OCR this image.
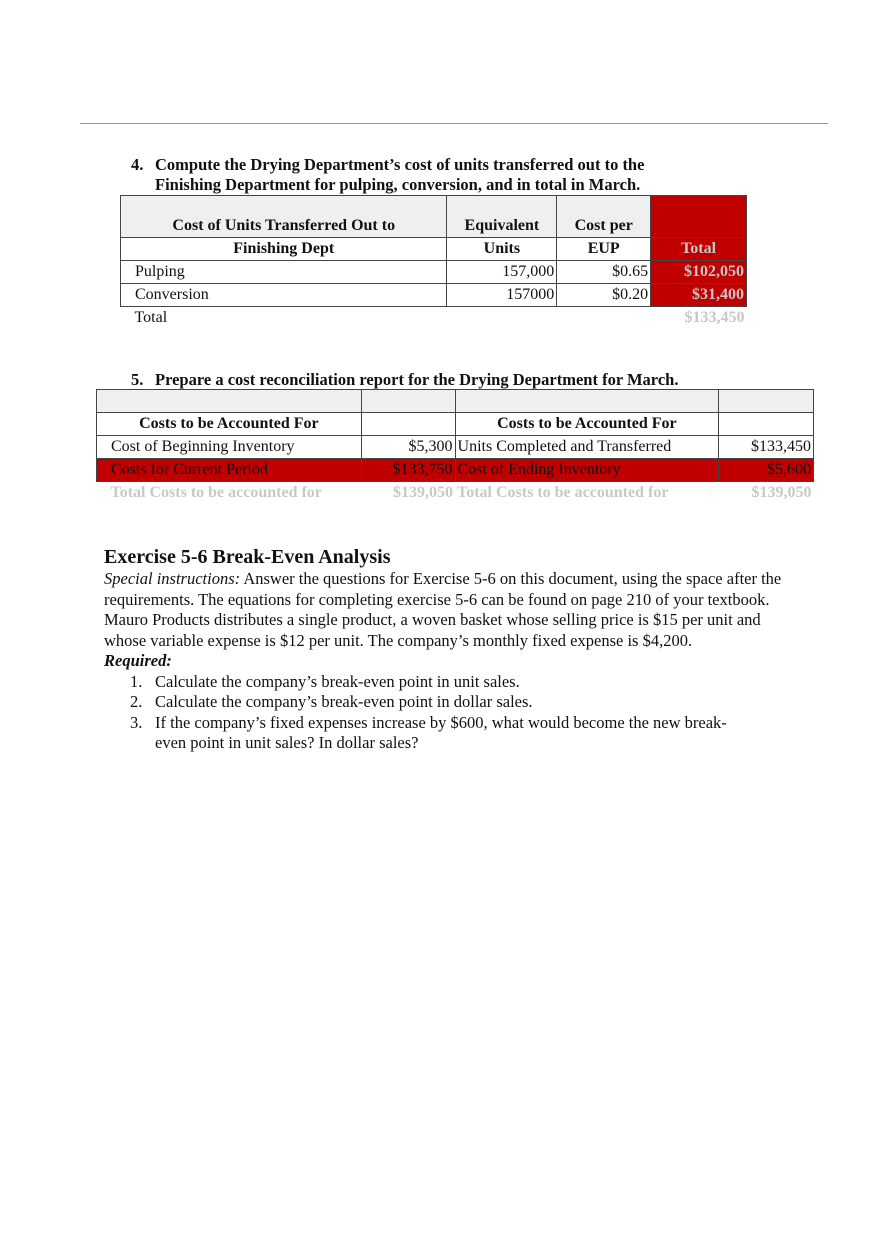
4. Compute the Drying Department’s cost of units transferred out to the
Finishing Department for pulping, conversion, and in total in March.
Cost of Units Transferred Out to	Equivalent	Cost per	
Finishing Dept	Units	EUP	Total
Pulping	157,000	$0.65	$102,050
Conversion	157000	$0.20	$31,400
Total			$133,450
5. Prepare a cost reconciliation report for the Drying Department for March.

Costs to be Accounted For		Costs to be Accounted For	
Cost of Beginning Inventory	$5,300	Units Completed and Transferred	$133,450
Costs for Current Period	$133,750	Cost of Ending Inventory	$5,600
Total Costs to be accounted for	$139,050	Total Costs to be accounted for	$139,050
Exercise 5-6 Break-Even Analysis
Special instructions: Answer the questions for Exercise 5-6 on this document, using the space after the requirements. The equations for completing exercise 5-6 can be found on page 210 of your textbook.
Mauro Products distributes a single product, a woven basket whose selling price is $15 per unit and whose variable expense is $12 per unit. The company’s monthly fixed expense is $4,200.
Required:
1. Calculate the company’s break-even point in unit sales.
2. Calculate the company’s break-even point in dollar sales.
3. If the company’s fixed expenses increase by $600, what would become the new break-even point in unit sales? In dollar sales?
